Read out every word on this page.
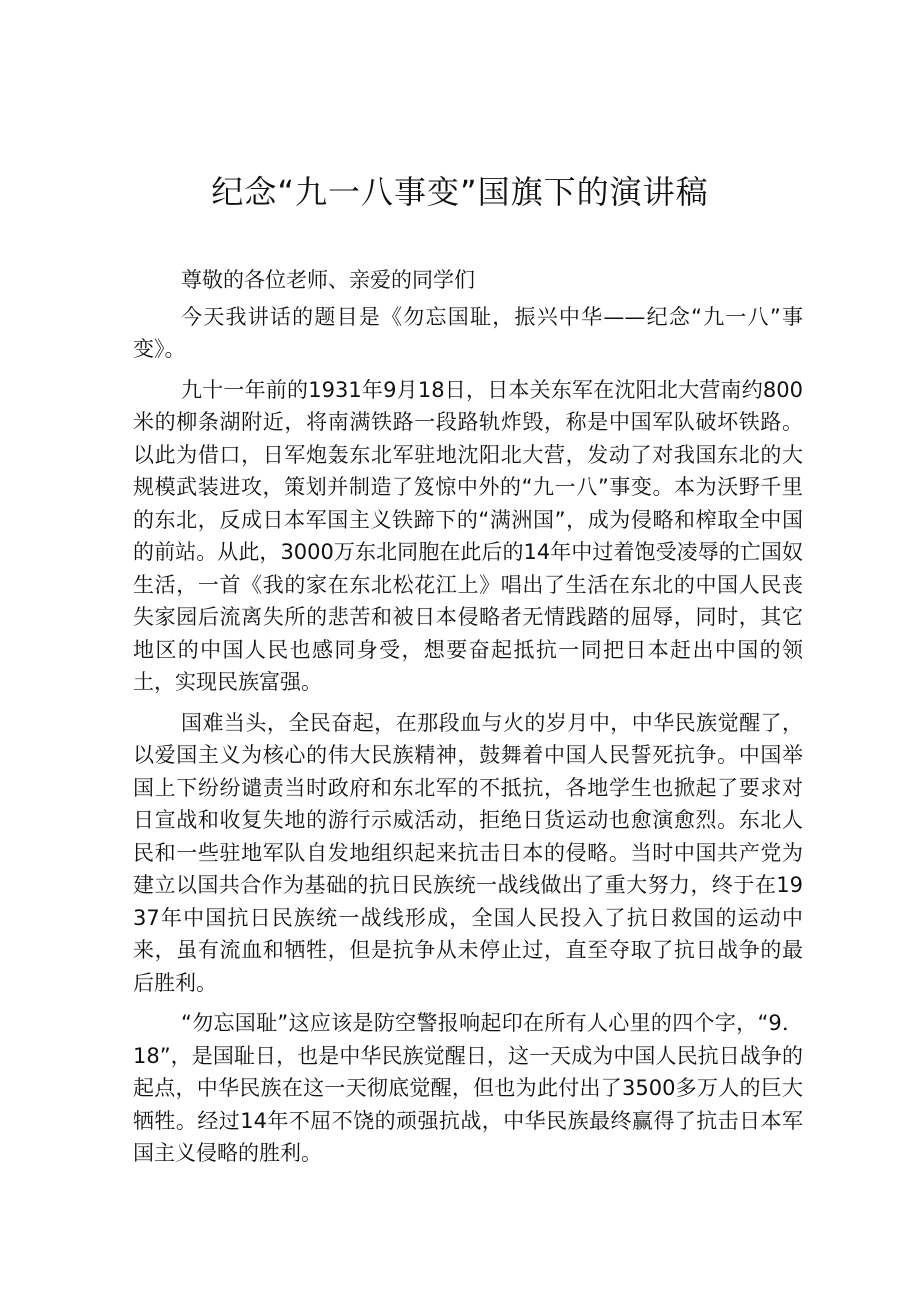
纪念“九一八事变”国旗下的演讲稿

尊敬的各位老师、亲爱的同学们

今天我讲话的题目是《勿忘国耻，振兴中华——纪念“九一八”事变》。

九十一年前的1931年9月18日，日本关东军在沈阳北大营南约800米的柳条湖附近，将南满铁路一段路轨炸毁，称是中国军队破坏铁路。以此为借口，日军炮轰东北军驻地沈阳北大营，发动了对我国东北的大规模武装进攻，策划并制造了笈惊中外的“九一八”事变。本为沃野千里的东北，反成日本军国主义铁蹄下的“满洲国”，成为侵略和榨取全中国的前站。从此，3000万东北同胞在此后的14年中过着饱受凌辱的亡国奴生活，一首《我的家在东北松花江上》唱出了生活在东北的中国人民丧失家园后流离失所的悲苦和被日本侵略者无情践踏的屈辱，同时，其它地区的中国人民也感同身受，想要奋起抵抗一同把日本赶出中国的领土，实现民族富强。

国难当头，全民奋起，在那段血与火的岁月中，中华民族觉醒了，以爱国主义为核心的伟大民族精神，鼓舞着中国人民誓死抗争。中国举国上下纷纷谴责当时政府和东北军的不抵抗，各地学生也掀起了要求对日宣战和收复失地的游行示威活动，拒绝日货运动也愈演愈烈。东北人民和一些驻地军队自发地组织起来抗击日本的侵略。当时中国共产党为建立以国共合作为基础的抗日民族统一战线做出了重大努力，终于在1937年中国抗日民族统一战线形成，全国人民投入了抗日救国的运动中来，虽有流血和牺牲，但是抗争从未停止过，直至夺取了抗日战争的最后胜利。

“勿忘国耻”这应该是防空警报响起印在所有人心里的四个字，“9．18”，是国耻日，也是中华民族觉醒日，这一天成为中国人民抗日战争的起点，中华民族在这一天彻底觉醒，但也为此付出了3500多万人的巨大牺牲。经过14年不屈不饶的顽强抗战，中华民族最终赢得了抗击日本军国主义侵略的胜利。
